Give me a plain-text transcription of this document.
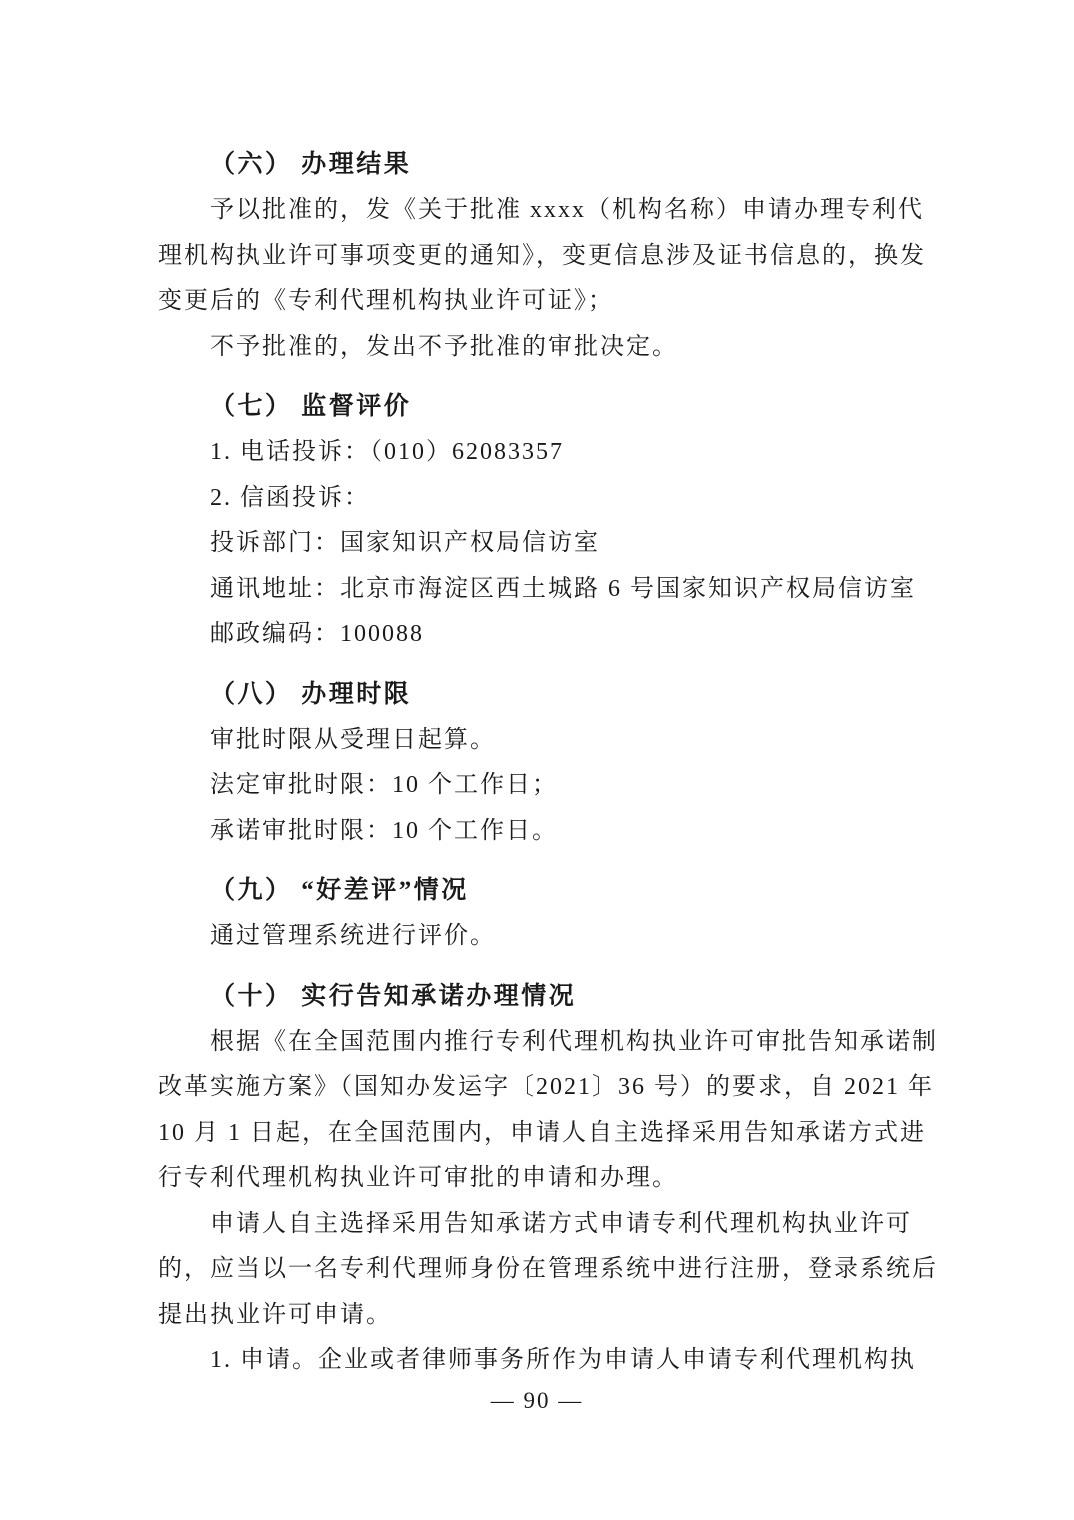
（六） 办理结果
予以批准的，发《关于批准 xxxx（机构名称）申请办理专利代
理机构执业许可事项变更的通知》，变更信息涉及证书信息的，换发
变更后的《专利代理机构执业许可证》；
不予批准的，发出不予批准的审批决定。
（七） 监督评价
1. 电话投诉：（010）62083357
2. 信函投诉：
投诉部门：国家知识产权局信访室
通讯地址：北京市海淀区西土城路 6 号国家知识产权局信访室
邮政编码：100088
（八） 办理时限
审批时限从受理日起算。
法定审批时限：10 个工作日；
承诺审批时限：10 个工作日。
（九） “好差评”情况
通过管理系统进行评价。
（十） 实行告知承诺办理情况
根据《在全国范围内推行专利代理机构执业许可审批告知承诺制
改革实施方案》（国知办发运字〔2021〕36 号）的要求，自 2021 年
10 月 1 日起，在全国范围内，申请人自主选择采用告知承诺方式进
行专利代理机构执业许可审批的申请和办理。
申请人自主选择采用告知承诺方式申请专利代理机构执业许可
的，应当以一名专利代理师身份在管理系统中进行注册，登录系统后
提出执业许可申请。
1. 申请。企业或者律师事务所作为申请人申请专利代理机构执
— 90 —
